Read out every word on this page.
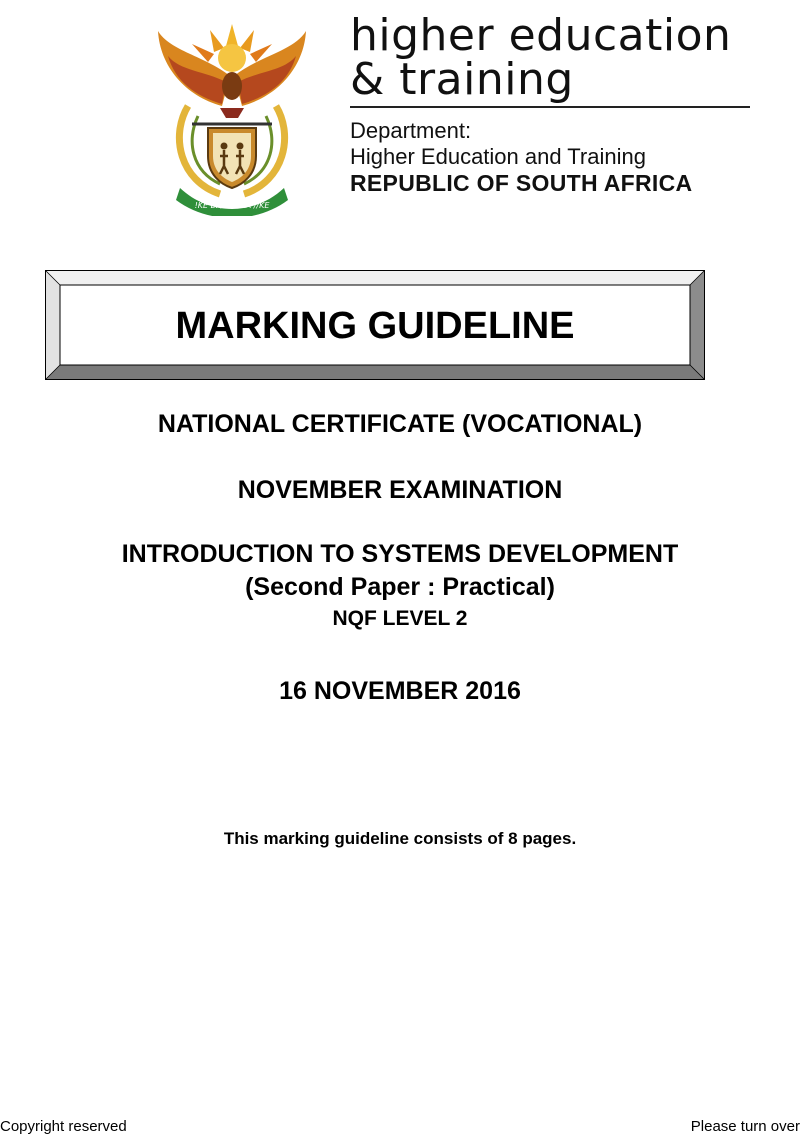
!KE E: /XARRA //KE
higher education
& training
Department:
Higher Education and Training
REPUBLIC OF SOUTH AFRICA
MARKING GUIDELINE
NATIONAL CERTIFICATE (VOCATIONAL)
NOVEMBER EXAMINATION
INTRODUCTION TO SYSTEMS DEVELOPMENT
(Second Paper : Practical)
NQF LEVEL 2
16 NOVEMBER 2016
This marking guideline consists of 8 pages.
Copyright reserved	Please turn over
